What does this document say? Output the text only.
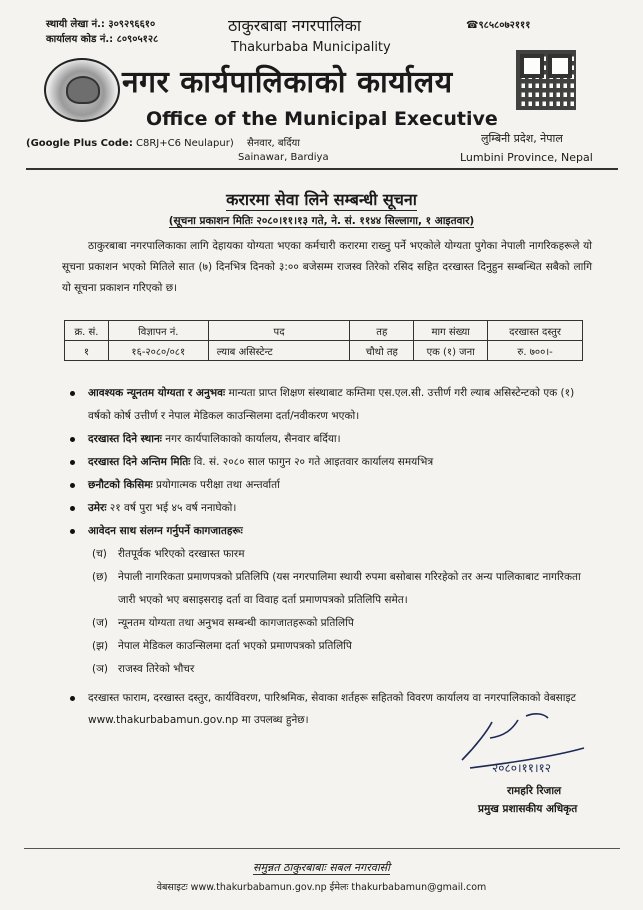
स्थायी लेखा नं.: ३०९२९६६१०
कार्यालय कोड नं.: ८०९०५१२८
☎९८५८०७२१११
ठाकुरबाबा नगरपालिका
Thakurbaba Municipality
नगर कार्यपालिकाको कार्यालय
Office of the Municipal Executive
(Google Plus Code: C8RJ+C6 Neulapur) सैनवार, बर्दिया
Sainawar, Bardiya
लुम्बिनी प्रदेश, नेपाल
Lumbini Province, Nepal
करारमा सेवा लिने सम्बन्धी सूचना
(सूचना प्रकाशन मितिः २०८०।११।१३ गते, ने. सं. ११४४ सिल्लागा, १ आइतवार)

ठाकुरबाबा नगरपालिकाका लागि देहायका योग्यता भएका कर्मचारी करारमा राख्नु पर्ने भएकोले योग्यता पुगेका नेपाली नागरिकहरूले यो सूचना प्रकाशन भएको मितिले सात (७) दिनभित्र दिनको ३:०० बजेसम्म राजस्व तिरेको रसिद सहित दरखास्त दिनुहुन सम्बन्धित सबैको लागि यो सूचना प्रकाशन गरिएको छ।

क्र. सं.	विज्ञापन नं.	पद	तह	माग संख्या	दरखास्त दस्तुर
१	१६-२०८०/०८१	ल्याब असिस्टेन्ट	चौथो तह	एक (१) जना	रु. ७००।-
आवश्यक न्यूनतम योग्यता र अनुभवः मान्यता प्राप्त शिक्षण संस्थाबाट कम्तिमा एस.एल.सी. उत्तीर्ण गरी ल्याब असिस्टेन्टको एक (१) वर्षको कोर्ष उत्तीर्ण र नेपाल मेडिकल काउन्सिलमा दर्ता/नवीकरण भएको।
दरखास्त दिने स्थानः नगर कार्यपालिकाको कार्यालय, सैनवार बर्दिया।
दरखास्त दिने अन्तिम मितिः वि. सं. २०८० साल फागुन २० गते आइतवार कार्यालय समयभित्र
छनौटको किसिमः प्रयोगात्मक परीक्षा तथा अन्तर्वार्ता
उमेरः २१ वर्ष पुरा भई ४५ वर्ष ननाघेको।
आवेदन साथ संलग्न गर्नुपर्ने कागजातहरूः
(च)	रीतपूर्वक भरिएको दरखास्त फारम
(छ) नेपाली नागरिकता प्रमाणपत्रको प्रतिलिपि (यस नगरपालिमा स्थायी रुपमा बसोबास गरिरहेको तर अन्य पालिकाबाट नागरिकता जारी भएको भए बसाइसराइ दर्ता वा विवाह दर्ता प्रमाणपत्रको प्रतिलिपि समेत।
(ज) न्यूनतम योग्यता तथा अनुभव सम्बन्धी कागजातहरूको प्रतिलिपि
(झ) नेपाल मेडिकल काउन्सिलमा दर्ता भएको प्रमाणपत्रको प्रतिलिपि
(ञ) राजस्व तिरेको भौचर
दरखास्त फाराम, दरखास्त दस्तुर, कार्यविवरण, पारिश्रमिक, सेवाका शर्तहरू सहितको विवरण कार्यालय वा नगरपालिकाको वेबसाइट www.thakurbabamun.gov.np मा उपलब्ध हुनेछ।
२०८०।११।१२
रामहरि रिजाल
प्रमुख प्रशासकीय अधिकृत
समुन्नत ठाकुरबाबाः सबल नगरवासी
वेबसाइटः www.thakurbabamun.gov.np ईमेलः thakurbabamun@gmail.com
